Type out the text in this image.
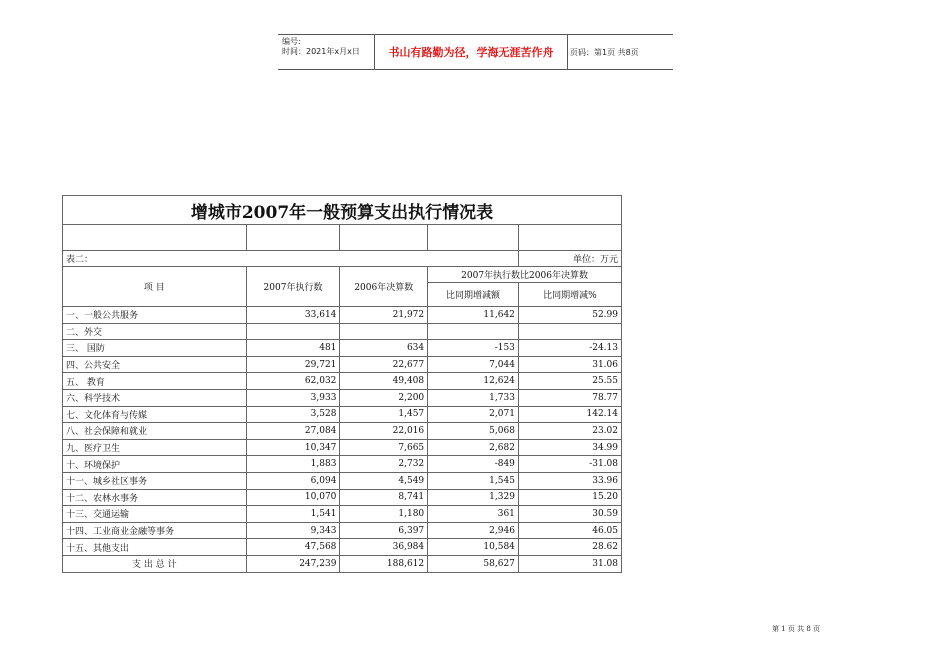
编号:
时间：2021年x月x日	书山有路勤为径，学海无涯苦作舟	页码：第1页 共8页
增城市2007年一般预算支出执行情况表				

表二：				单位：万元
项 目	2007年执行数	2006年决算数	2007年执行数比2006年决算数	
			比同期增减额	比同期增减%
一、一般公共服务	33,614	21,972	11,642	52.99
二、外交				
三、 国防	481	634	-153	-24.13
四、公共安全	29,721	22,677	7,044	31.06
五、 教育	62,032	49,408	12,624	25.55
六、科学技术	3,933	2,200	1,733	78.77
七、文化体育与传媒	3,528	1,457	2,071	142.14
八、社会保障和就业	27,084	22,016	5,068	23.02
九、医疗卫生	10,347	7,665	2,682	34.99
十、环境保护	1,883	2,732	-849	-31.08
十一、城乡社区事务	6,094	4,549	1,545	33.96
十二、农林水事务	10,070	8,741	1,329	15.20
十三、交通运输	1,541	1,180	361	30.59
十四、工业商业金融等事务	9,343	6,397	2,946	46.05
十五、其他支出	47,568	36,984	10,584	28.62
支 出 总 计	247,239	188,612	58,627	31.08
第 1 页 共 8 页
